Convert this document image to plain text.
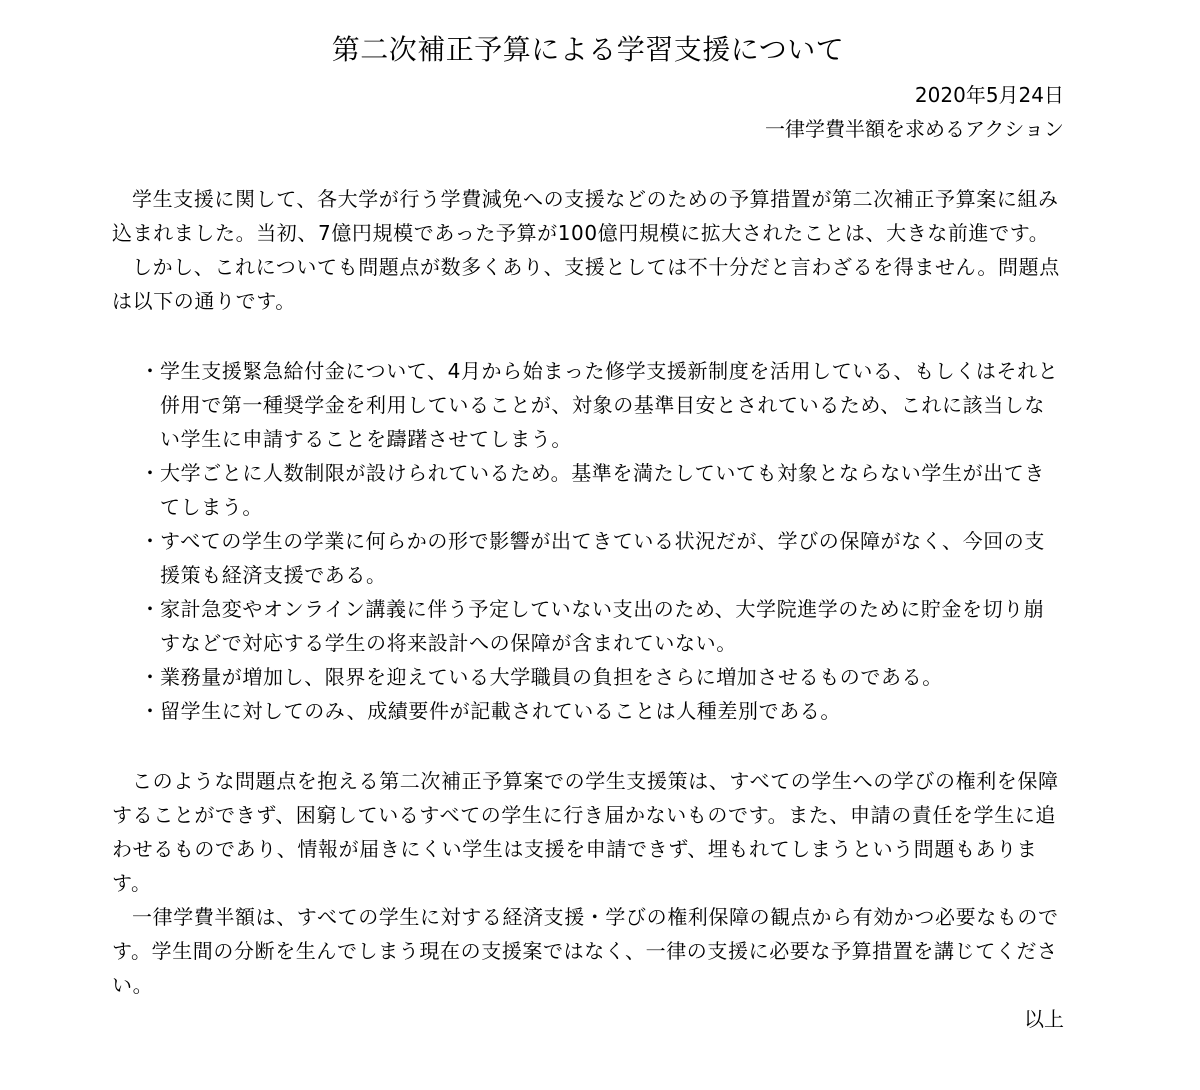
第二次補正予算による学習支援について
2020年5月24日
一律学費半額を求めるアクション

学生支援に関して、各大学が行う学費減免への支援などのための予算措置が第二次補正予算案に組み込まれました。当初、7億円規模であった予算が100億円規模に拡大されたことは、大きな前進です。

しかし、これについても問題点が数多くあり、支援としては不十分だと言わざるを得ません。問題点は以下の通りです。

・学生支援緊急給付金について、4月から始まった修学支援新制度を活用している、もしくはそれと併用で第一種奨学金を利用していることが、対象の基準目安とされているため、これに該当しない学生に申請することを躊躇させてしまう。
・大学ごとに人数制限が設けられているため。基準を満たしていても対象とならない学生が出てきてしまう。
・すべての学生の学業に何らかの形で影響が出てきている状況だが、学びの保障がなく、今回の支援策も経済支援である。
・家計急変やオンライン講義に伴う予定していない支出のため、大学院進学のために貯金を切り崩すなどで対応する学生の将来設計への保障が含まれていない。
・業務量が増加し、限界を迎えている大学職員の負担をさらに増加させるものである。
・留学生に対してのみ、成績要件が記載されていることは人種差別である。

このような問題点を抱える第二次補正予算案での学生支援策は、すべての学生への学びの権利を保障することができず、困窮しているすべての学生に行き届かないものです。また、申請の責任を学生に追わせるものであり、情報が届きにくい学生は支援を申請できず、埋もれてしまうという問題もあります。

一律学費半額は、すべての学生に対する経済支援・学びの権利保障の観点から有効かつ必要なものです。学生間の分断を生んでしまう現在の支援案ではなく、一律の支援に必要な予算措置を講じてください。

以上
